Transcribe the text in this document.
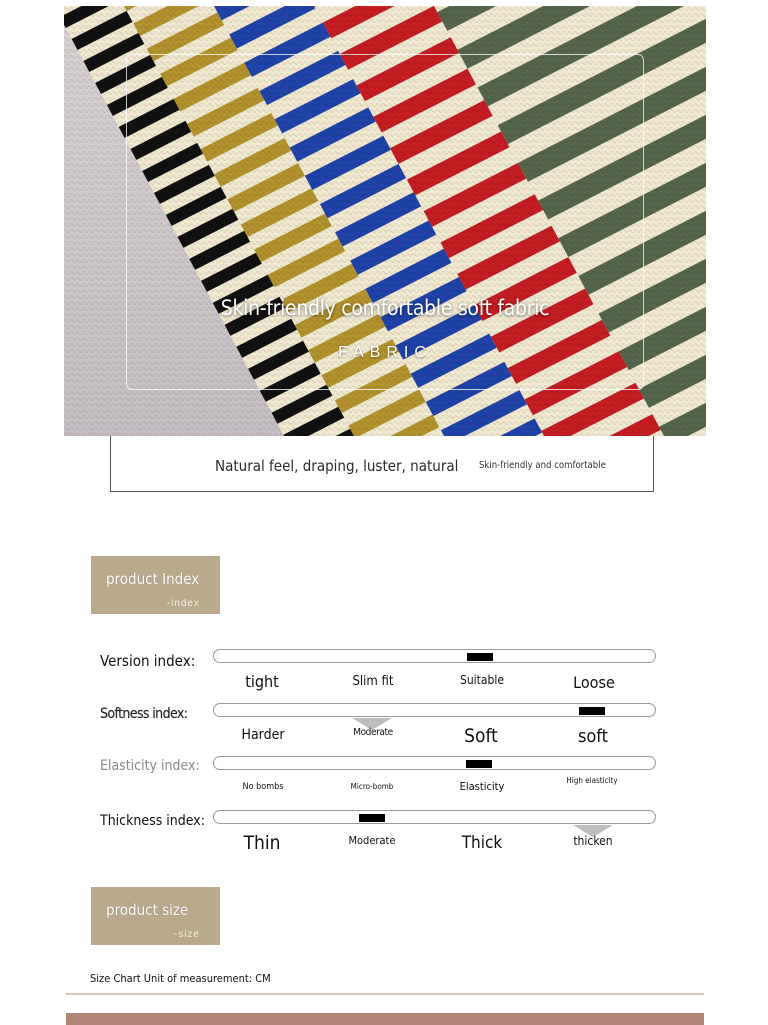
Skin-friendly comfortable soft fabric
FABRIC
Natural feel, draping, luster, natural Skin-friendly and comfortable
product Index
-index
Version index:
tight	Slim fit	Suitable	Loose
Softness index:
Harder	Moderate	Soft	soft
Elasticity index:
No bombs	Micro-bomb	Elasticity	High elasticity
Thickness index:
Thin	Moderate	Thick	thicken
product size
-size
Size Chart Unit of measurement: CM
